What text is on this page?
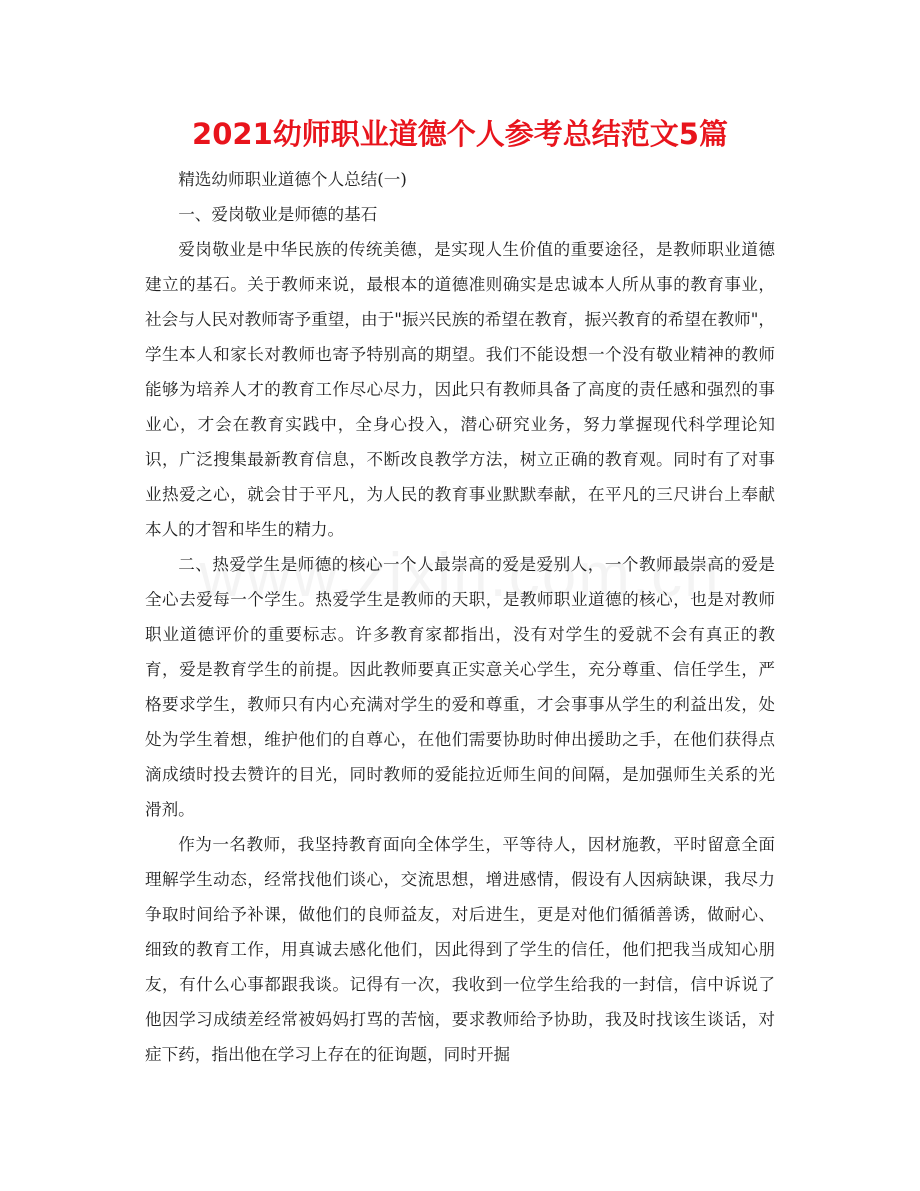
2021幼师职业道德个人参考总结范文5篇

精选幼师职业道德个人总结(一)

一、爱岗敬业是师德的基石

爱岗敬业是中华民族的传统美德，是实现人生价值的重要途径，是教师职业道德建立的基石。关于教师来说，最根本的道德准则确实是忠诚本人所从事的教育事业，社会与人民对教师寄予重望，由于"振兴民族的希望在教育，振兴教育的希望在教师"，学生本人和家长对教师也寄予特别高的期望。我们不能设想一个没有敬业精神的教师能够为培养人才的教育工作尽心尽力，因此只有教师具备了高度的责任感和强烈的事业心，才会在教育实践中，全身心投入，潜心研究业务，努力掌握现代科学理论知识，广泛搜集最新教育信息，不断改良教学方法，树立正确的教育观。同时有了对事业热爱之心，就会甘于平凡，为人民的教育事业默默奉献，在平凡的三尺讲台上奉献本人的才智和毕生的精力。

二、热爱学生是师德的核心一个人最崇高的爱是爱别人，一个教师最崇高的爱是全心去爱每一个学生。热爱学生是教师的天职，是教师职业道德的核心，也是对教师职业道德评价的重要标志。许多教育家都指出，没有对学生的爱就不会有真正的教育，爱是教育学生的前提。因此教师要真正实意关心学生，充分尊重、信任学生，严格要求学生，教师只有内心充满对学生的爱和尊重，才会事事从学生的利益出发，处处为学生着想，维护他们的自尊心，在他们需要协助时伸出援助之手，在他们获得点滴成绩时投去赞许的目光，同时教师的爱能拉近师生间的间隔，是加强师生关系的光滑剂。

作为一名教师，我坚持教育面向全体学生，平等待人，因材施教，平时留意全面理解学生动态，经常找他们谈心，交流思想，增进感情，假设有人因病缺课，我尽力争取时间给予补课，做他们的良师益友，对后进生，更是对他们循循善诱，做耐心、细致的教育工作，用真诚去感化他们，因此得到了学生的信任，他们把我当成知心朋友，有什么心事都跟我谈。记得有一次，我收到一位学生给我的一封信，信中诉说了他因学习成绩差经常被妈妈打骂的苦恼，要求教师给予协助，我及时找该生谈话，对症下药，指出他在学习上存在的征询题，同时开掘
